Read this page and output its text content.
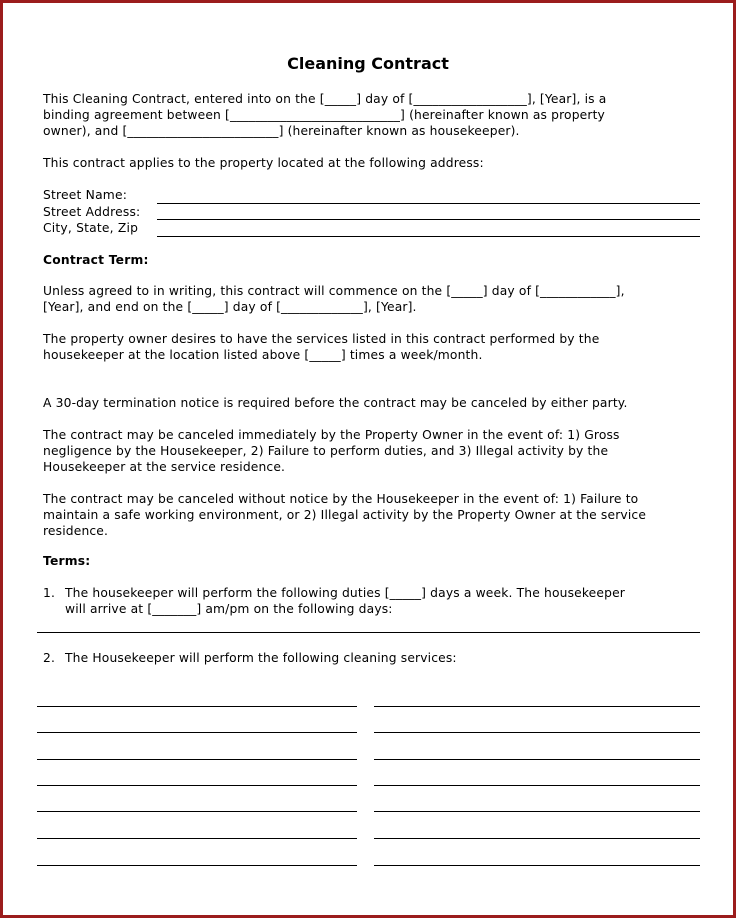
Cleaning Contract
This Cleaning Contract, entered into on the [_____] day of [__________________], [Year], is a
binding agreement between [___________________________] (hereinafter known as property
owner), and [________________________] (hereinafter known as housekeeper).
This contract applies to the property located at the following address:
Street Name:
Street Address:
City, State, Zip
Contract Term:
Unless agreed to in writing, this contract will commence on the [_____] day of [____________],
[Year], and end on the [_____] day of [_____________], [Year].
The property owner desires to have the services listed in this contract performed by the
housekeeper at the location listed above [_____] times a week/month.
A 30-day termination notice is required before the contract may be canceled by either party.
The contract may be canceled immediately by the Property Owner in the event of: 1) Gross
negligence by the Housekeeper, 2) Failure to perform duties, and 3) Illegal activity by the
Housekeeper at the service residence.
The contract may be canceled without notice by the Housekeeper in the event of: 1) Failure to
maintain a safe working environment, or 2) Illegal activity by the Property Owner at the service
residence.
Terms:
1. The housekeeper will perform the following duties [_____] days a week. The housekeeper
will arrive at [_______] am/pm on the following days:
2. The Housekeeper will perform the following cleaning services:
